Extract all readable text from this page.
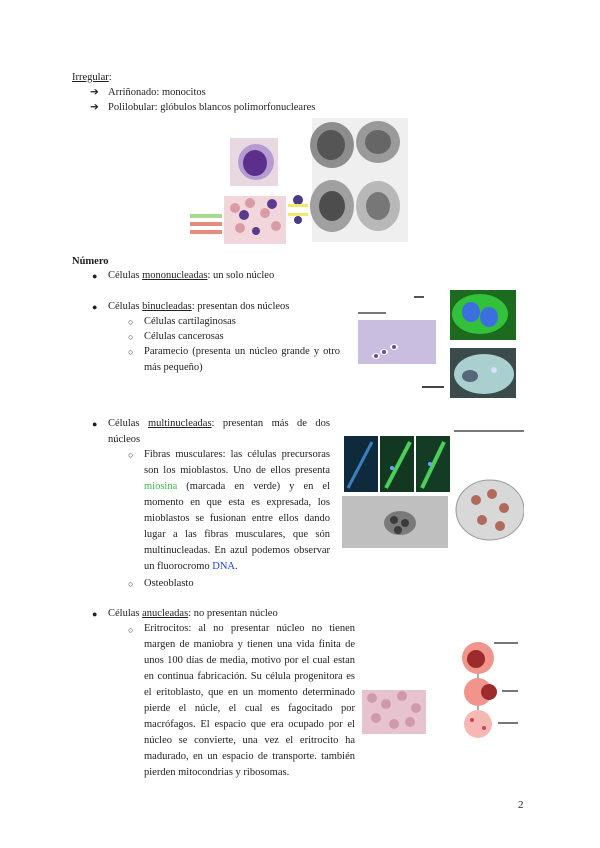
Irregular:
➔ Arriñonado: monocitos
➔ Polilobular: glóbulos blancos polimorfonucleares
Número
● Células mononucleadas: un solo núcleo
● Células binucleadas: presentan dos núcleos
○ Células cartilaginosas
○ Células cancerosas
○ Paramecio (presenta un núcleo grande y otro más pequeño)
● Células multinucleadas: presentan más de dos núcleos
○ Fibras musculares: las células precursoras son los mioblastos. Uno de ellos presenta miosina (marcada en verde) y en el momento en que esta es expresada, los mioblastos se fusionan entre ellos dando lugar a las fibras musculares, que són multinucleadas. En azul podemos observar un fluorocromo DNA.
○ Osteoblasto
● Células anucleadas: no presentan núcleo
○ Eritrocitos: al no presentar núcleo no tienen margen de maniobra y tienen una vida finita de unos 100 días de media, motivo por el cual estan en continua fabricación. Su célula progenitora es el eritoblasto, que en un momento determinado pierde el núcle, el cual es fagocitado por macrófagos. El espacio que era ocupado por el núcleo se convierte, una vez el eritrocito ha madurado, en un espacio de transporte. también pierden mitocondrias y ribosomas.
2
